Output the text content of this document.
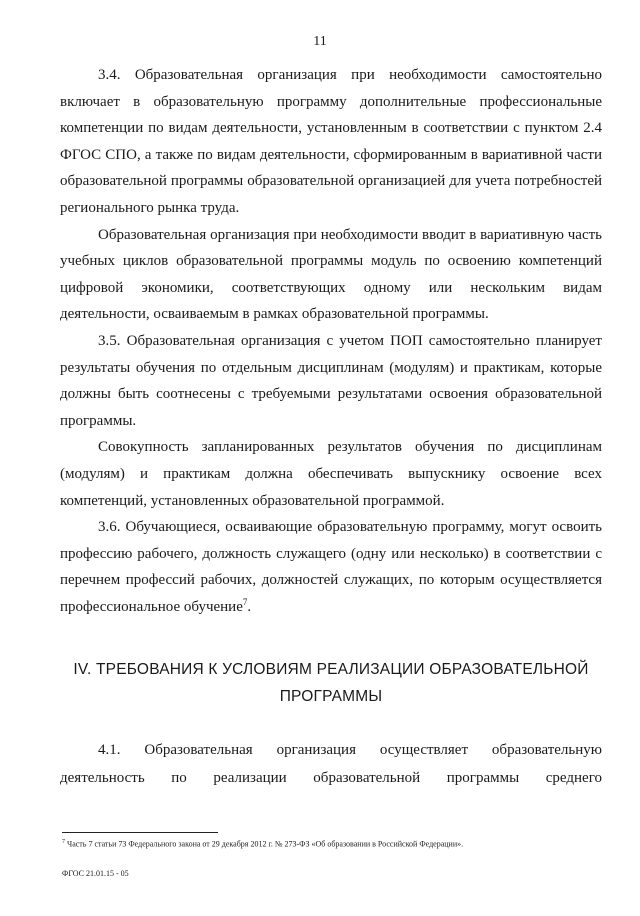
11

3.4. Образовательная организация при необходимости самостоятельно включает в образовательную программу дополнительные профессиональные компетенции по видам деятельности, установленным в соответствии с пунктом 2.4 ФГОС СПО, а также по видам деятельности, сформированным в вариативной части образовательной программы образовательной организацией для учета потребностей регионального рынка труда.

Образовательная организация при необходимости вводит в вариативную часть учебных циклов образовательной программы модуль по освоению компетенций цифровой экономики, соответствующих одному или нескольким видам деятельности, осваиваемым в рамках образовательной программы.

3.5. Образовательная организация с учетом ПОП самостоятельно планирует результаты обучения по отдельным дисциплинам (модулям) и практикам, которые должны быть соотнесены с требуемыми результатами освоения образовательной программы.

Совокупность запланированных результатов обучения по дисциплинам (модулям) и практикам должна обеспечивать выпускнику освоение всех компетенций, установленных образовательной программой.

3.6. Обучающиеся, осваивающие образовательную программу, могут освоить профессию рабочего, должность служащего (одну или несколько) в соответствии с перечнем профессий рабочих, должностей служащих, по которым осуществляется профессиональное обучение$^7$.

IV. ТРЕБОВАНИЯ К УСЛОВИЯМ РЕАЛИЗАЦИИ ОБРАЗОВАТЕЛЬНОЙ
ПРОГРАММЫ

4.1. Образовательная организация осуществляет образовательную деятельность по реализации образовательной программы среднего

$^7$ Часть 7 статьи 73 Федерального закона от 29 декабря 2012 г. № 273-ФЗ «Об образовании в Российской Федерации».
ФГОС 21.01.15 - 05
